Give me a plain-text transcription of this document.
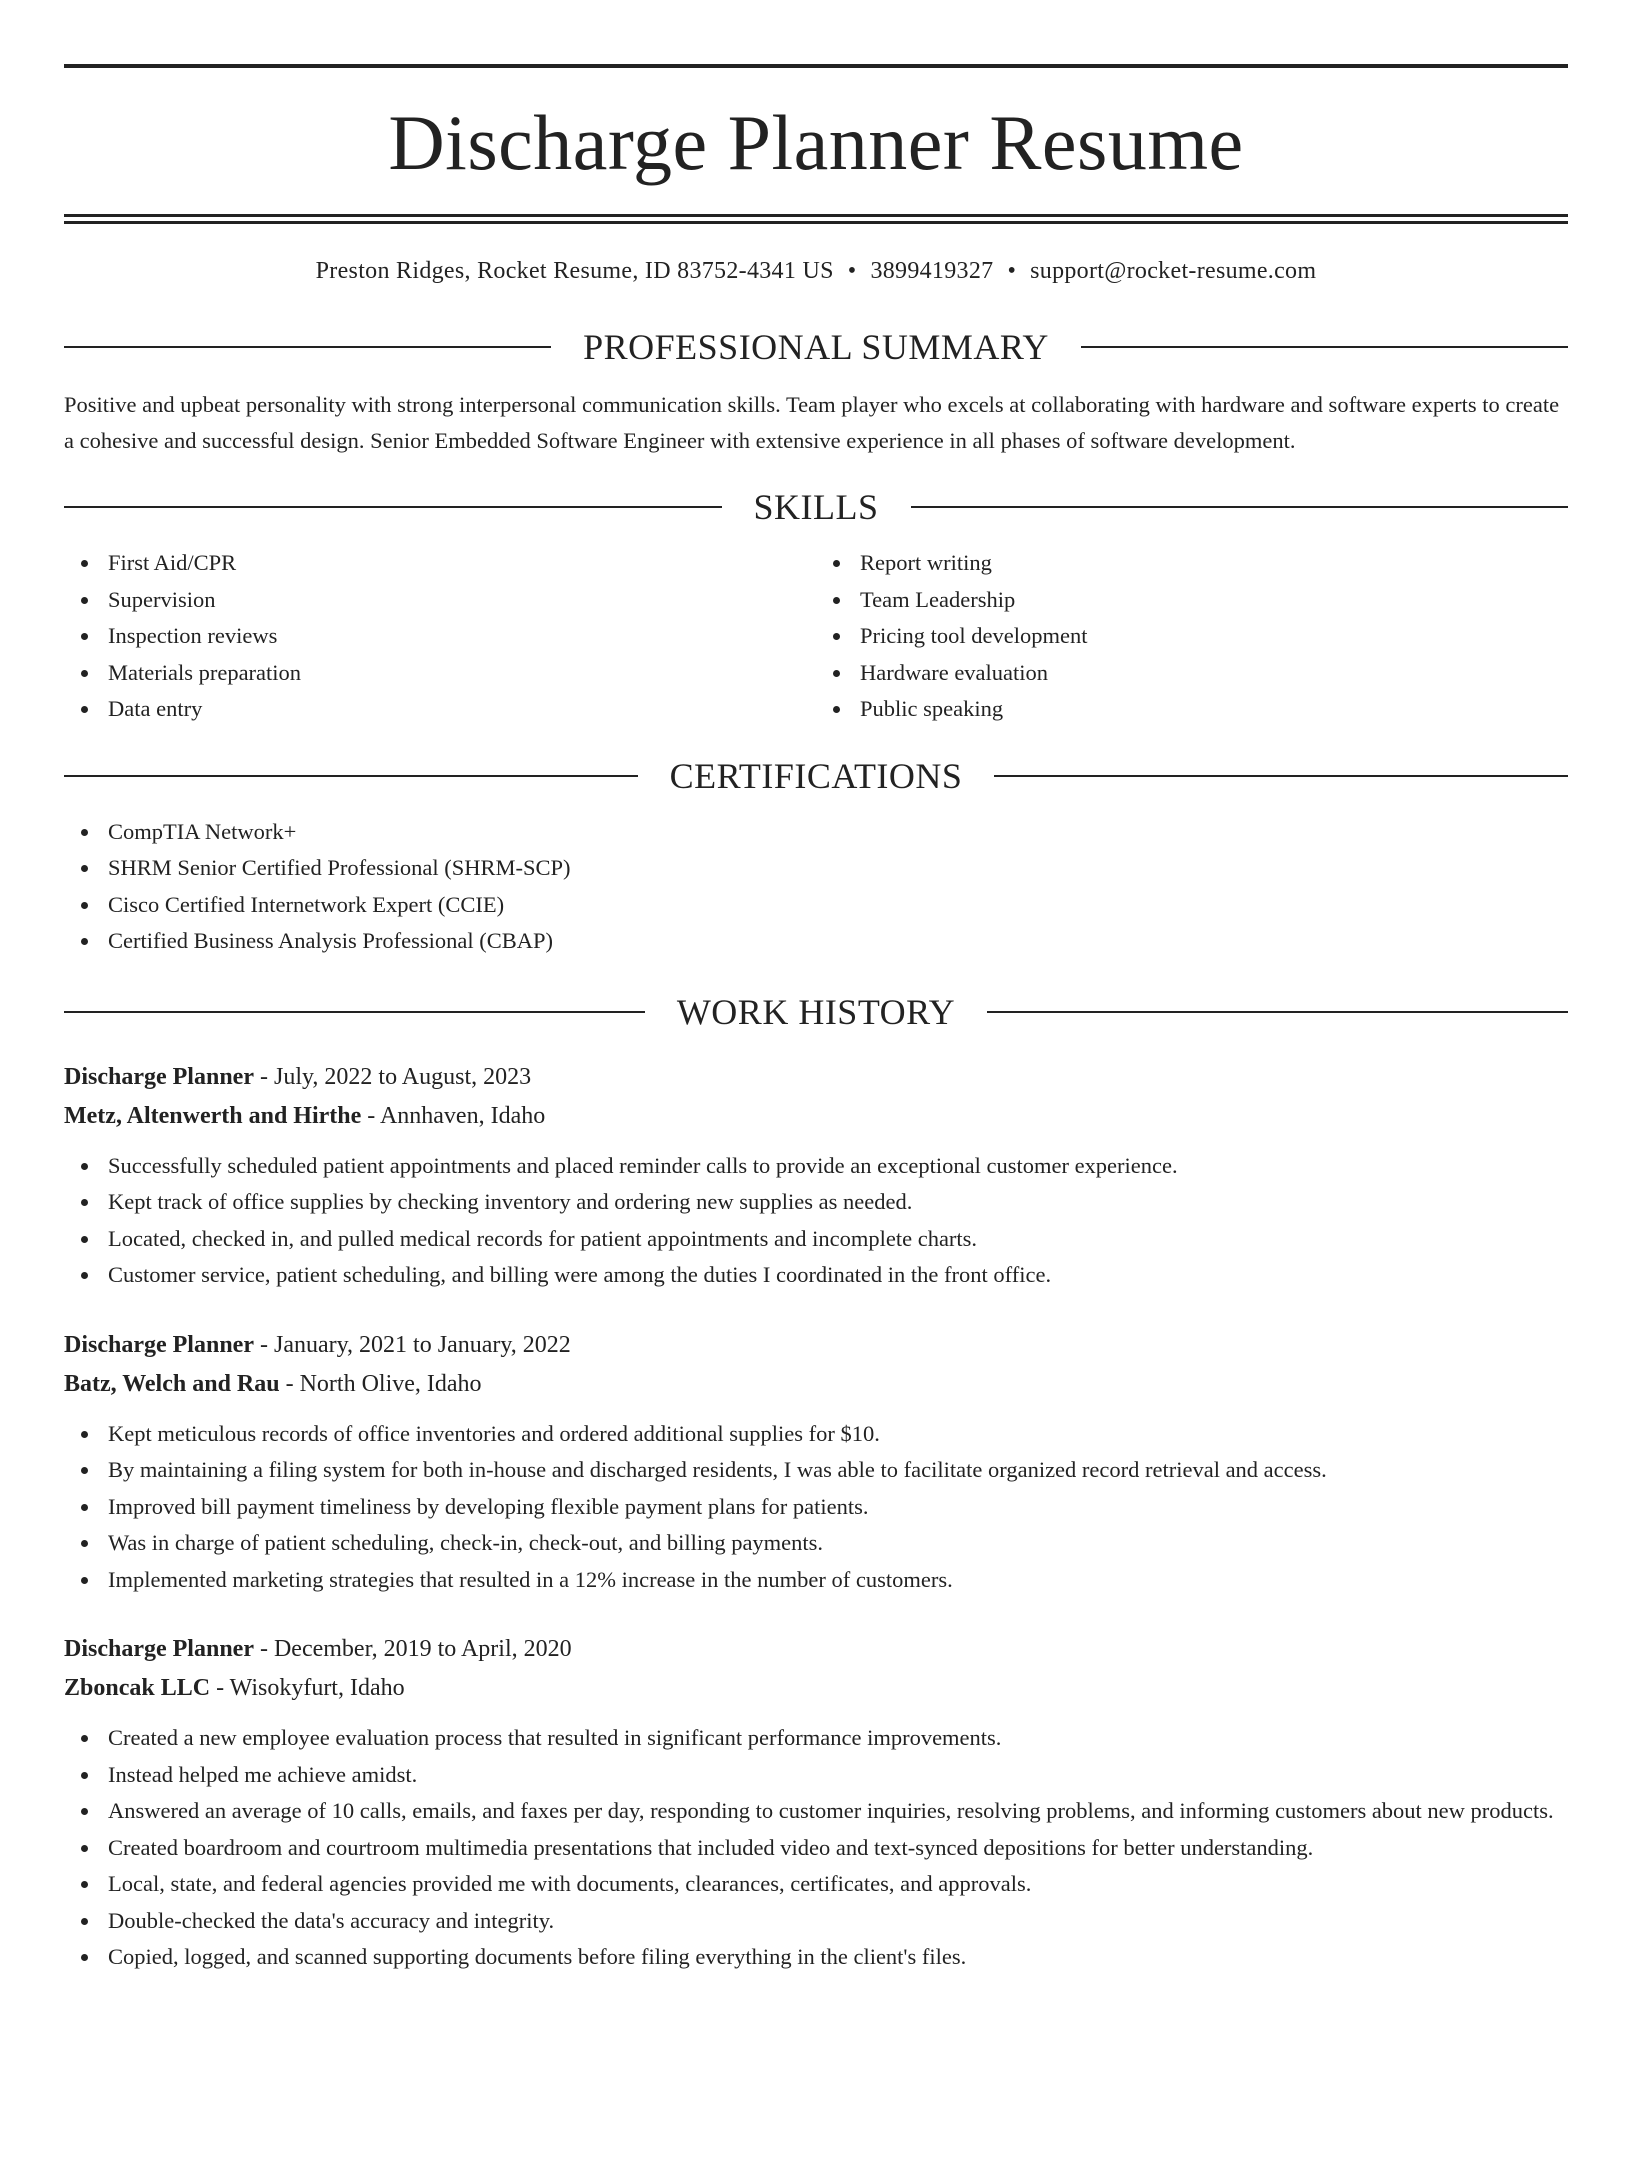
Discharge Planner Resume
Preston Ridges, Rocket Resume, ID 83752-4341 US • 3899419327 • support@rocket-resume.com
PROFESSIONAL SUMMARY

Positive and upbeat personality with strong interpersonal communication skills. Team player who excels at collaborating with hardware and software experts to create a cohesive and successful design. Senior Embedded Software Engineer with extensive experience in all phases of software development.

SKILLS
First Aid/CPR
Supervision
Inspection reviews
Materials preparation
Data entry
Report writing
Team Leadership
Pricing tool development
Hardware evaluation
Public speaking
CERTIFICATIONS
CompTIA Network+
SHRM Senior Certified Professional (SHRM-SCP)
Cisco Certified Internetwork Expert (CCIE)
Certified Business Analysis Professional (CBAP)
WORK HISTORY
Discharge Planner - July, 2022 to August, 2023
Metz, Altenwerth and Hirthe - Annhaven, Idaho
Successfully scheduled patient appointments and placed reminder calls to provide an exceptional customer experience.
Kept track of office supplies by checking inventory and ordering new supplies as needed.
Located, checked in, and pulled medical records for patient appointments and incomplete charts.
Customer service, patient scheduling, and billing were among the duties I coordinated in the front office.
Discharge Planner - January, 2021 to January, 2022
Batz, Welch and Rau - North Olive, Idaho
Kept meticulous records of office inventories and ordered additional supplies for $10.
By maintaining a filing system for both in-house and discharged residents, I was able to facilitate organized record retrieval and access.
Improved bill payment timeliness by developing flexible payment plans for patients.
Was in charge of patient scheduling, check-in, check-out, and billing payments.
Implemented marketing strategies that resulted in a 12% increase in the number of customers.
Discharge Planner - December, 2019 to April, 2020
Zboncak LLC - Wisokyfurt, Idaho
Created a new employee evaluation process that resulted in significant performance improvements.
Instead helped me achieve amidst.
Answered an average of 10 calls, emails, and faxes per day, responding to customer inquiries, resolving problems, and informing customers about new products.
Created boardroom and courtroom multimedia presentations that included video and text-synced depositions for better understanding.
Local, state, and federal agencies provided me with documents, clearances, certificates, and approvals.
Double-checked the data's accuracy and integrity.
Copied, logged, and scanned supporting documents before filing everything in the client's files.
